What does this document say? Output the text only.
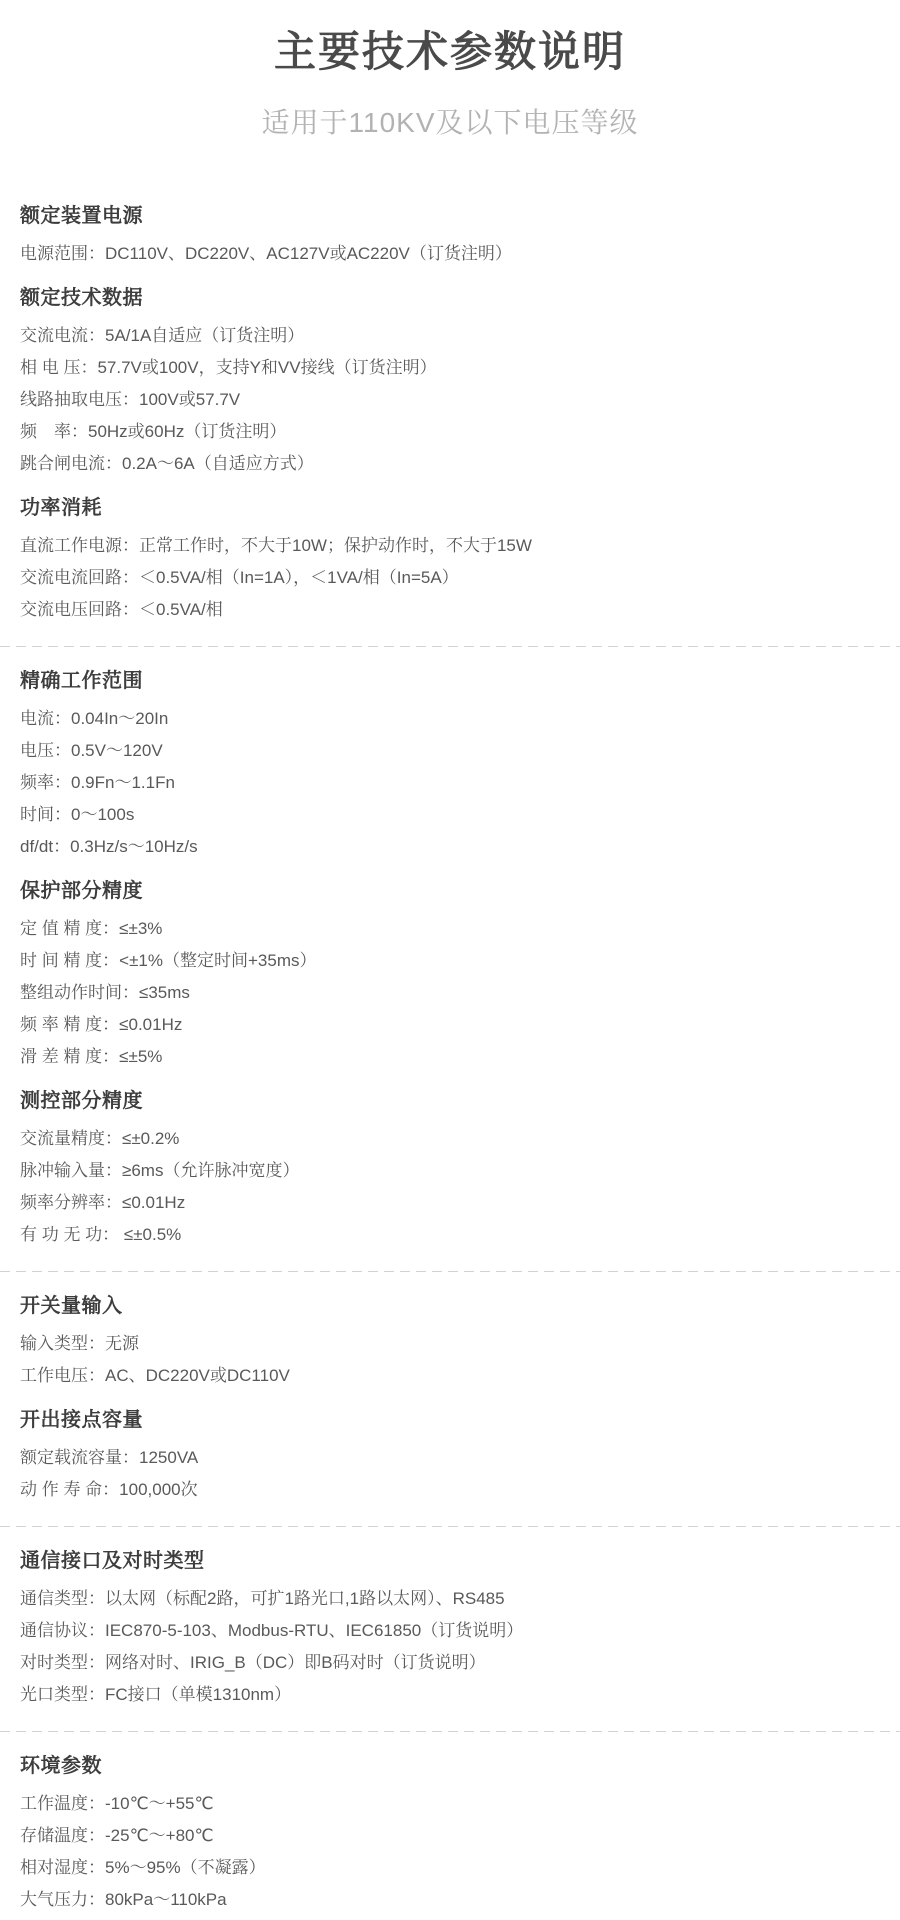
主要技术参数说明

适用于110KV及以下电压等级

额定装置电源

电源范围：DC110V、DC220V、AC127V或AC220V（订货注明）

额定技术数据

交流电流：5A/1A自适应（订货注明）

相 电 压：57.7V或100V，支持Y和VV接线（订货注明）

线路抽取电压：100V或57.7V

频　率：50Hz或60Hz（订货注明）

跳合闸电流：0.2A～6A（自适应方式）

功率消耗

直流工作电源：正常工作时，不大于10W；保护动作时，不大于15W

交流电流回路：＜0.5VA/相（In=1A），＜1VA/相（In=5A）

交流电压回路：＜0.5VA/相

精确工作范围

电流：0.04In～20In

电压：0.5V～120V

频率：0.9Fn～1.1Fn

时间：0～100s

df/dt：0.3Hz/s～10Hz/s

保护部分精度

定 值 精 度：≤±3%

时 间 精 度：<±1%（整定时间+35ms）

整组动作时间：≤35ms

频 率 精 度：≤0.01Hz

滑 差 精 度：≤±5%

测控部分精度

交流量精度：≤±0.2%

脉冲输入量：≥6ms（允许脉冲宽度）

频率分辨率：≤0.01Hz

有 功 无 功： ≤±0.5%

开关量输入

输入类型：无源

工作电压：AC、DC220V或DC110V

开出接点容量

额定载流容量：1250VA

动 作 寿 命：100,000次

通信接口及对时类型

通信类型：以太网（标配2路，可扩1路光口,1路以太网）、RS485

通信协议：IEC870-5-103、Modbus-RTU、IEC61850（订货说明）

对时类型：网络对时、IRIG_B（DC）即B码对时（订货说明）

光口类型：FC接口（单模1310nm）

环境参数

工作温度：-10℃～+55℃

存储温度：-25℃～+80℃

相对湿度：5%～95%（不凝露）

大气压力：80kPa～110kPa
